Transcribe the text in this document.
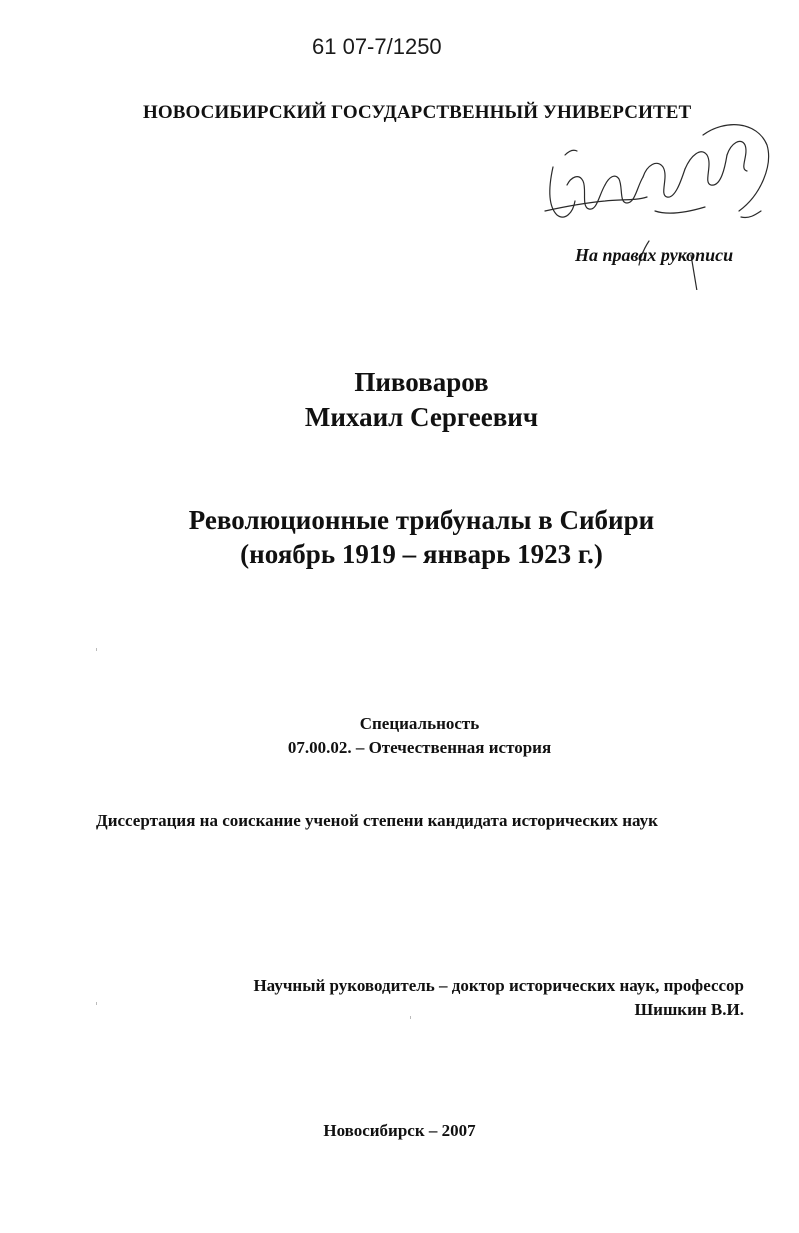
61 07-7/1250
НОВОСИБИРСКИЙ ГОСУДАРСТВЕННЫЙ УНИВЕРСИТЕТ
На правах рукописи
Пивоваров
Михаил Сергеевич
Революционные трибуналы в Сибири
(ноябрь 1919 – январь 1923 г.)
Специальность
07.00.02. – Отечественная история
Диссертация на соискание ученой степени кандидата исторических наук
Научный руководитель – доктор исторических наук, профессор
Шишкин В.И.
Новосибирск – 2007
